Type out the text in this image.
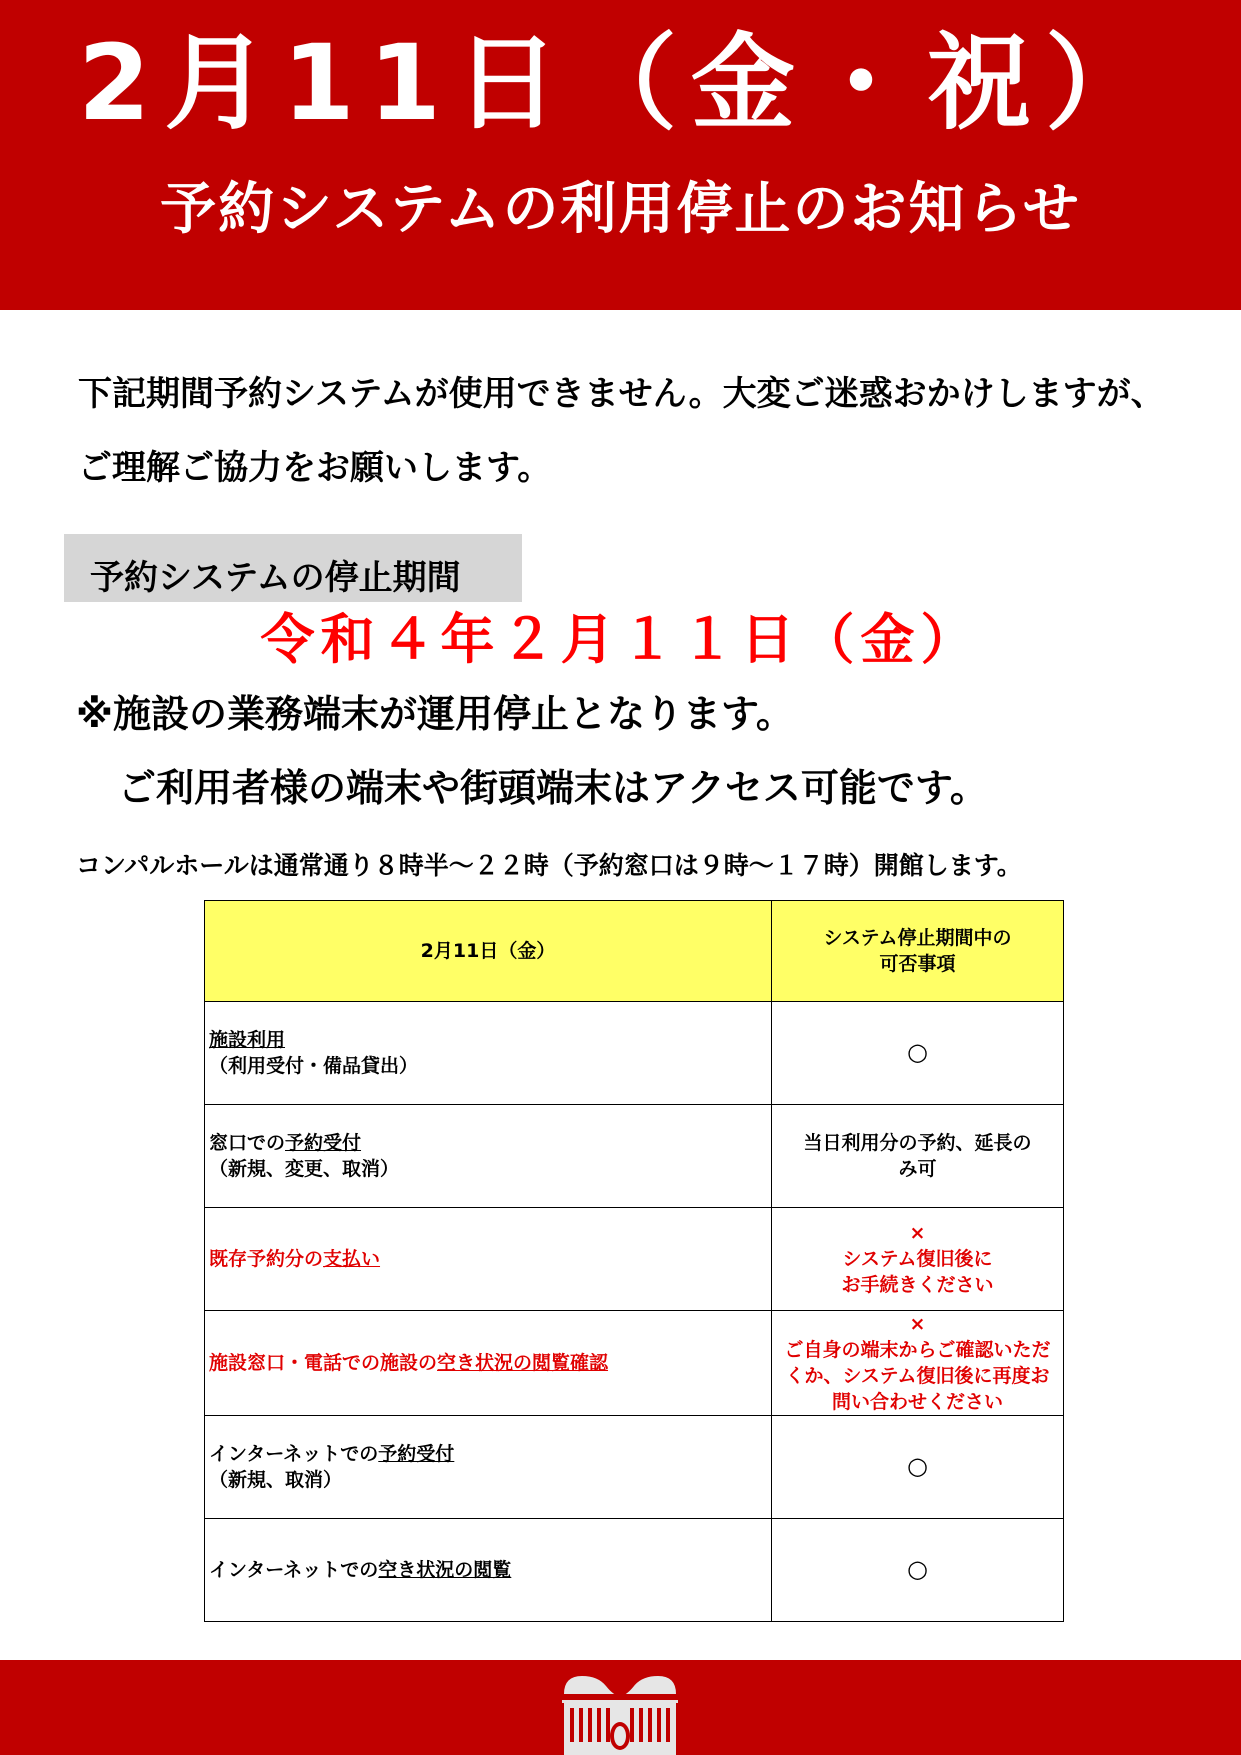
2月11日（金・祝）
予約システムの利用停止のお知らせ
下記期間予約システムが使用できません。大変ご迷惑おかけしますが、
ご理解ご協力をお願いします。
予約システムの停止期間
令和４年２月１１日（金）
※施設の業務端末が運用停止となります。
ご利用者様の端末や街頭端末はアクセス可能です。
コンパルホールは通常通り８時半～２２時（予約窓口は９時～１７時）開館します。
2月11日（金）	システム停止期間中の
可否事項
施設利用
（利用受付・備品貸出）	○
窓口での予約受付
（新規、変更、取消）	当日利用分の予約、延長の
み可
既存予約分の支払い	×
システム復旧後に
お手続きください
施設窓口・電話での施設の空き状況の閲覧確認	×
ご自身の端末からご確認いただ
くか、システム復旧後に再度お
問い合わせください
インターネットでの予約受付
（新規、取消）	○
インターネットでの空き状況の閲覧	○
